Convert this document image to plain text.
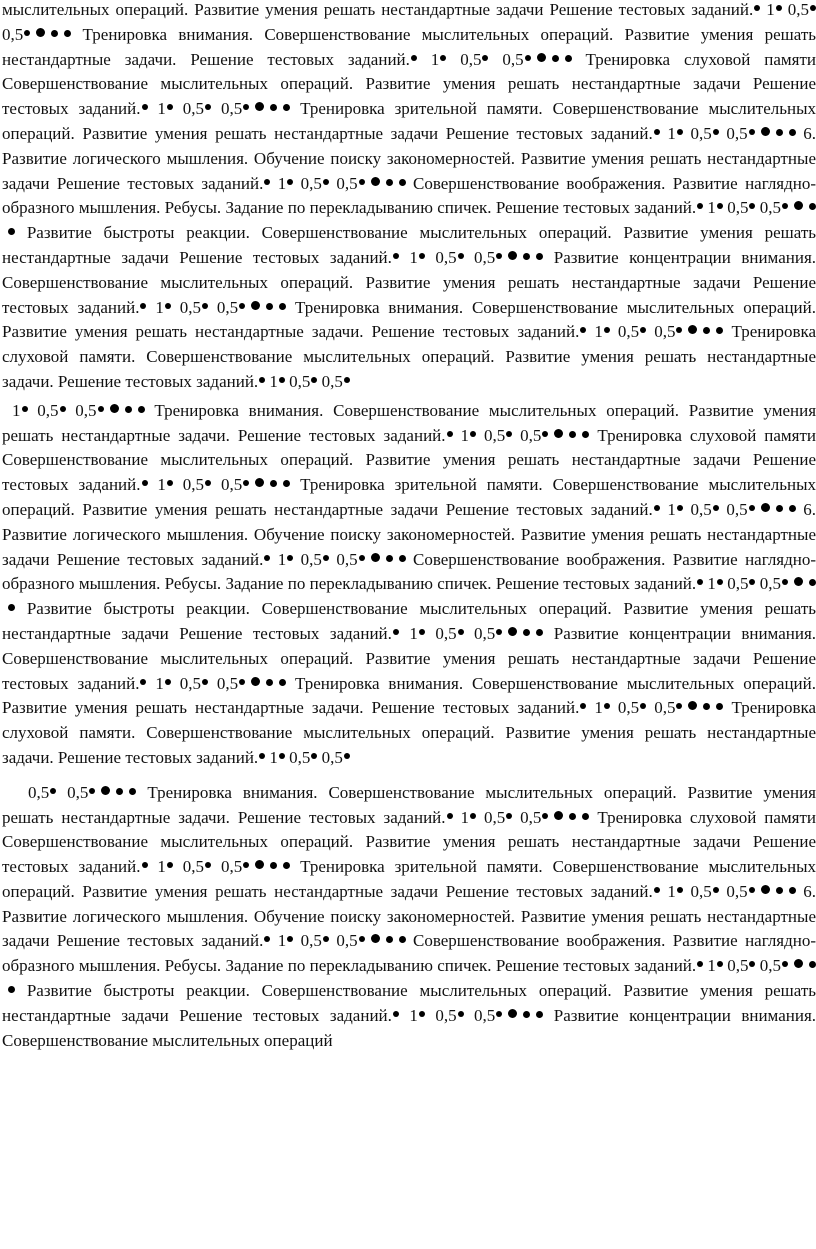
мыслительных операций. Развитие умения решать нестандартные задачи Решение тестовых заданий. 1 0,5 0,5	Тренировка внимания. Совершенствование мыслительных операций. Развитие умения решать нестандартные задачи. Решение тестовых заданий. 1 0,5 0,5	Тренировка слуховой памяти Совершенствование мыслительных операций. Развитие умения решать нестандартные задачи Решение тестовых заданий. 1 0,5 0,5	Тренировка зрительной памяти. Совершенствование мыслительных операций. Развитие умения решать нестандартные задачи Решение тестовых заданий. 1 0,5 0,5	6. Развитие логического мышления. Обучение поиску закономерностей. Развитие умения решать нестандартные задачи Решение тестовых заданий. 1 0,5 0,5	Совершенствование воображения. Развитие наглядно-образного мышления. Ребусы. Задание по перекладыванию спичек. Решение тестовых заданий. 1 0,5 0,5 Развитие быстроты реакции. Совершенствование мыслительных операций. Развитие умения решать нестандартные задачи Решение тестовых заданий. 1 0,5 0,5	Развитие концентрации внимания. Совершенствование мыслительных операций. Развитие умения решать нестандартные задачи Решение тестовых заданий. 1 0,5 0,5	Тренировка внимания. Совершенствование мыслительных операций. Развитие умения решать нестандартные задачи. Решение тестовых заданий. 1 0,5 0,5	Тренировка слуховой памяти. Совершенствование мыслительных операций. Развитие умения решать нестандартные задачи. Решение тестовых заданий. 1 0,5 0,5

1 0,5 0,5	Тренировка внимания. Совершенствование мыслительных операций. Развитие умения решать нестандартные задачи. Решение тестовых заданий. 1 0,5 0,5	Тренировка слуховой памяти Совершенствование мыслительных операций. Развитие умения решать нестандартные задачи Решение тестовых заданий. 1 0,5 0,5	Тренировка зрительной памяти. Совершенствование мыслительных операций. Развитие умения решать нестандартные задачи Решение тестовых заданий. 1 0,5 0,5	6. Развитие логического мышления. Обучение поиску закономерностей. Развитие умения решать нестандартные задачи Решение тестовых заданий. 1 0,5 0,5	Совершенствование воображения. Развитие наглядно-образного мышления. Ребусы. Задание по перекладыванию спичек. Решение тестовых заданий. 1 0,5 0,5 Развитие быстроты реакции. Совершенствование мыслительных операций. Развитие умения решать нестандартные задачи Решение тестовых заданий. 1 0,5 0,5	Развитие концентрации внимания. Совершенствование мыслительных операций. Развитие умения решать нестандартные задачи Решение тестовых заданий. 1 0,5 0,5	Тренировка внимания. Совершенствование мыслительных операций. Развитие умения решать нестандартные задачи. Решение тестовых заданий. 1 0,5 0,5	Тренировка слуховой памяти. Совершенствование мыслительных операций. Развитие умения решать нестандартные задачи. Решение тестовых заданий. 1 0,5 0,5

0,5 0,5	Тренировка внимания. Совершенствование мыслительных операций. Развитие умения решать нестандартные задачи. Решение тестовых заданий. 1 0,5 0,5	Тренировка слуховой памяти Совершенствование мыслительных операций. Развитие умения решать нестандартные задачи Решение тестовых заданий. 1 0,5 0,5	Тренировка зрительной памяти. Совершенствование мыслительных операций. Развитие умения решать нестандартные задачи Решение тестовых заданий. 1 0,5 0,5	6. Развитие логического мышления. Обучение поиску закономерностей. Развитие умения решать нестандартные задачи Решение тестовых заданий. 1 0,5 0,5	Совершенствование воображения. Развитие наглядно-образного мышления. Ребусы. Задание по перекладыванию спичек. Решение тестовых заданий. 1 0,5 0,5 Развитие быстроты реакции. Совершенствование мыслительных операций. Развитие умения решать нестандартные задачи Решение тестовых заданий. 1 0,5 0,5	Развитие концентрации внимания. Совершенствование мыслительных операций
